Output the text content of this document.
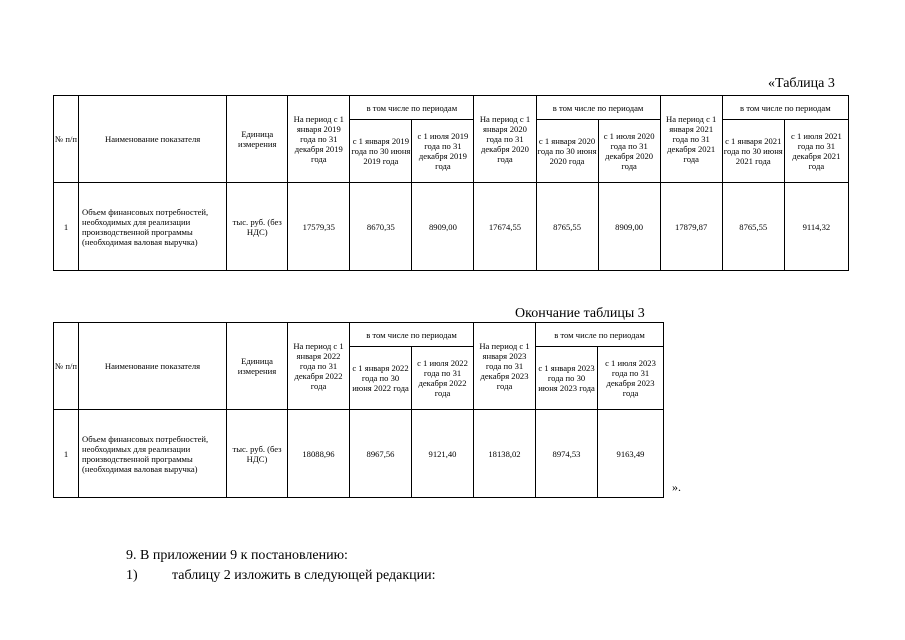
«Таблица 3
№ п/п	Наименование показателя	Единица измерения	На период с 1 января 2019 года по 31 декабря 2019 года	в том числе по периодам		На период с 1 января 2020 года по 31 декабря 2020 года	в том числе по периодам		На период с 1 января 2021 года по 31 декабря 2021 года	в том числе по периодам	
				с 1 января 2019 года по 30 июня 2019 года	с 1 июля 2019 года по 31 декабря 2019 года		с 1 января 2020 года по 30 июня 2020 года	с 1 июля 2020 года по 31 декабря 2020 года		с 1 января 2021 года по 30 июня 2021 года	с 1 июля 2021 года по 31 декабря 2021 года
1	Объем финансовых потребностей, необходимых для реализации производственной программы (необходимая валовая выручка)	тыс. руб. (без НДС)	17579,35	8670,35	8909,00	17674,55	8765,55	8909,00	17879,87	8765,55	9114,32
Окончание таблицы 3
№ п/п	Наименование показателя	Единица измерения	На период с 1 января 2022 года по 31 декабря 2022 года	в том числе по периодам		На период с 1 января 2023 года по 31 декабря 2023 года	в том числе по периодам	
				с 1 января 2022 года по 30 июня 2022 года	с 1 июля 2022 года по 31 декабря 2022 года		с 1 января 2023 года по 30 июня 2023 года	с 1 июля 2023 года по 31 декабря 2023 года
1	Объем финансовых потребностей, необходимых для реализации производственной программы (необходимая валовая выручка)	тыс. руб. (без НДС)	18088,96	8967,56	9121,40	18138,02	8974,53	9163,49
».
9. В приложении 9 к постановлению:
1) таблицу 2 изложить в следующей редакции:
